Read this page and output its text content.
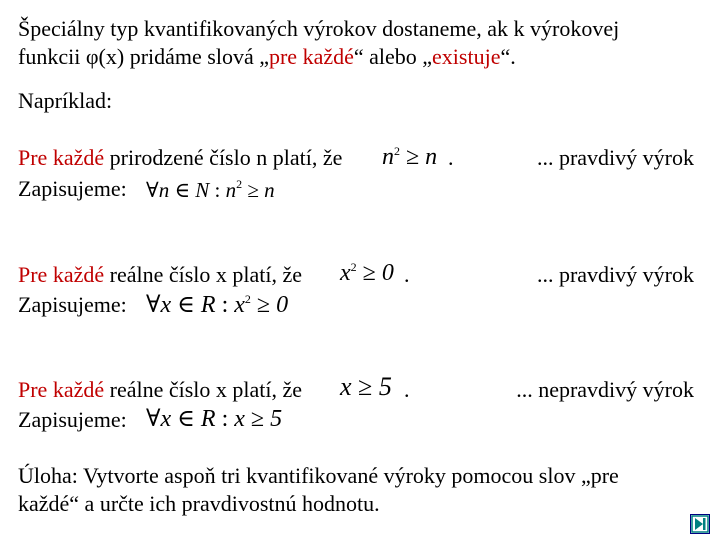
Špeciálny typ kvantifikovaných výrokov dostaneme, ak k výrokovej
funkcii φ(x) pridáme slová „pre každé“ alebo „existuje“.
Napríklad:
Pre každé prirodzené číslo n platí, že $n^2 \ge n$ .	... pravdivý výrok
Zapisujeme: ∀n ∈ N : $n^2 \ge n$
Pre každé reálne číslo x platí, že $x^2 \ge 0$ .	... pravdivý výrok
Zapisujeme: ∀x ∈ R : $x^2 \ge 0$
Pre každé reálne číslo x platí, že x ≥ 5 .	... nepravdivý výrok
Zapisujeme: ∀x ∈ R : x ≥ 5
Úloha: Vytvorte aspoň tri kvantifikované výroky pomocou slov „pre
každé“ a určte ich pravdivostnú hodnotu.
